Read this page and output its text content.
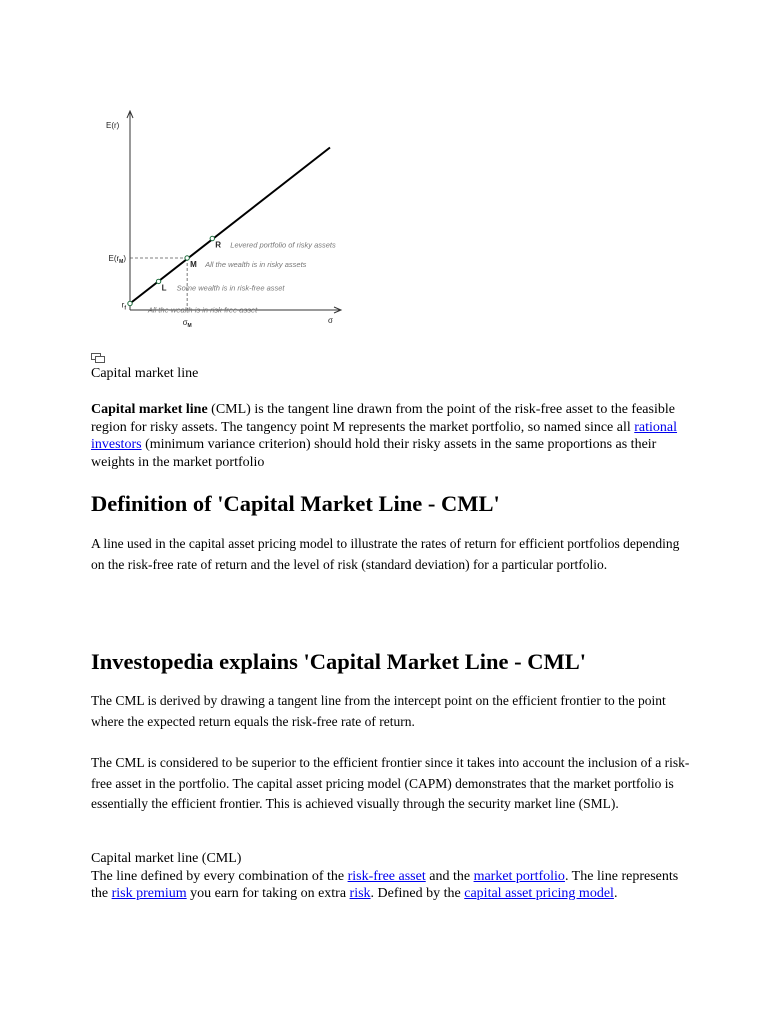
E(r)
σ
$E(r_M)$
$r_f$
$\sigma_M$
R Levered portfolio of risky assets
M All the wealth is in risky assets
L Some wealth is in risk-free asset
All the wealth is in risk-free asset
Capital market line
Capital market line (CML) is the tangent line drawn from the point of the risk-free asset to the feasible region for risky assets. The tangency point M represents the market portfolio, so named since all rational investors (minimum variance criterion) should hold their risky assets in the same proportions as their weights in the market portfolio
Definition of 'Capital Market Line - CML'

A line used in the capital asset pricing model to illustrate the rates of return for efficient portfolios depending on the risk-free rate of return and the level of risk (standard deviation) for a particular portfolio.

Investopedia explains 'Capital Market Line - CML'

The CML is derived by drawing a tangent line from the intercept point on the efficient frontier to the point where the expected return equals the risk-free rate of return.

The CML is considered to be superior to the efficient frontier since it takes into account the inclusion of a risk-free asset in the portfolio. The capital asset pricing model (CAPM) demonstrates that the market portfolio is essentially the efficient frontier. This is achieved visually through the security market line (SML).

Capital market line (CML)
The line defined by every combination of the risk-free asset and the market portfolio. The line represents the risk premium you earn for taking on extra risk. Defined by the capital asset pricing model.
